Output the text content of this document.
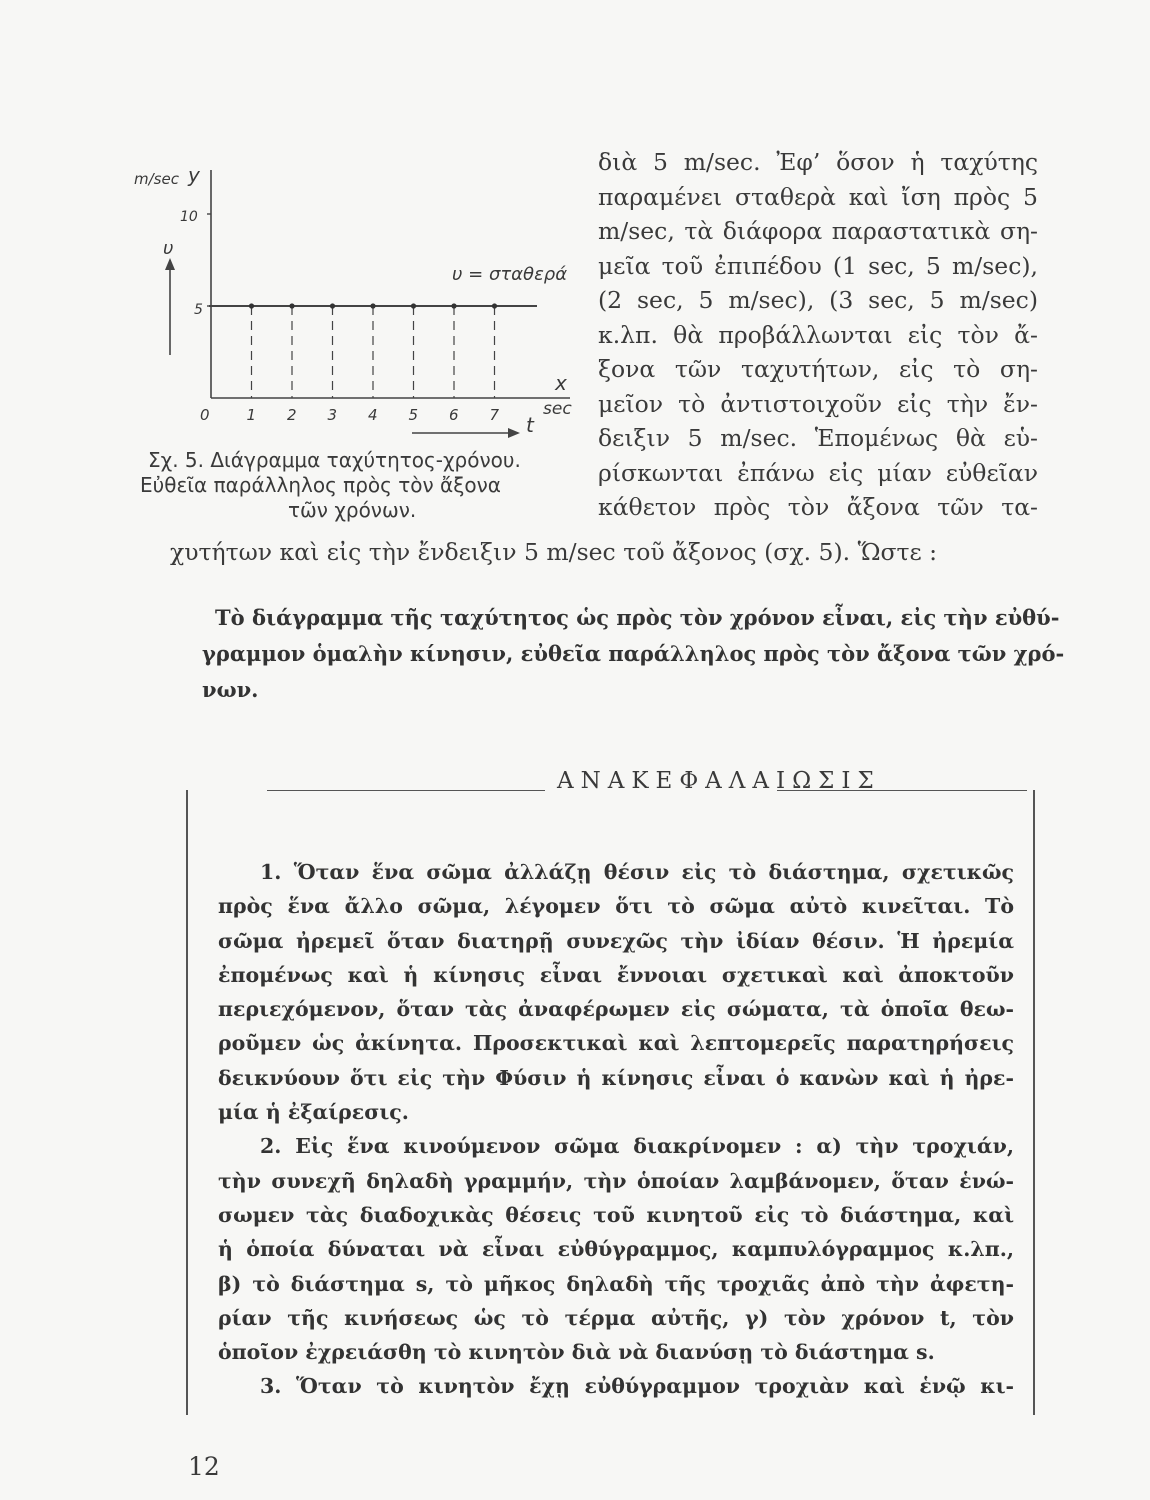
m/sec y
10
5
υ
υ = σταθερά
x
sec
t
0 1 2 3 4 5 6 7
Σχ. 5. Διάγραμμα ταχύτητος-χρόνου.
Εὐθεῖα παράλληλος πρὸς τὸν ἄξονα
τῶν χρόνων.
διὰ 5 m/sec. Ἐφ’ ὅσον ἡ ταχύτης
παραμένει σταθερὰ καὶ ἴση πρὸς 5
m/sec, τὰ διάφορα παραστατικὰ ση-
μεῖα τοῦ ἐπιπέδου (1 sec, 5 m/sec),
(2 sec, 5 m/sec), (3 sec, 5 m/sec)
κ.λπ. θὰ προβάλλωνται εἰς τὸν ἄ-
ξονα τῶν ταχυτήτων, εἰς τὸ ση-
μεῖον τὸ ἀντιστοιχοῦν εἰς τὴν ἔν-
δειξιν 5 m/sec. Ἑπομένως θὰ εὑ-
ρίσκωνται ἐπάνω εἰς μίαν εὐθεῖαν
κάθετον πρὸς τὸν ἄξονα τῶν τα-
χυτήτων καὶ εἰς τὴν ἔνδειξιν 5 m/sec τοῦ ἄξονος (σχ. 5). Ὥστε :
Τὸ διάγραμμα τῆς ταχύτητος ὡς πρὸς τὸν χρόνον εἶναι, εἰς τὴν εὐθύ-
γραμμον ὁμαλὴν κίνησιν, εὐθεῖα παράλληλος πρὸς τὸν ἄξονα τῶν χρό-
νων.
ΑΝΑΚΕΦΑΛΑΙΩΣΙΣ
1. Ὅταν ἕνα σῶμα ἀλλάζῃ θέσιν εἰς τὸ διάστημα, σχετικῶς
πρὸς ἕνα ἄλλο σῶμα, λέγομεν ὅτι τὸ σῶμα αὐτὸ κινεῖται. Τὸ
σῶμα ἠρεμεῖ ὅταν διατηρῇ συνεχῶς τὴν ἰδίαν θέσιν. Ἡ ἠρεμία
ἐπομένως καὶ ἡ κίνησις εἶναι ἔννοιαι σχετικαὶ καὶ ἀποκτοῦν
περιεχόμενον, ὅταν τὰς ἀναφέρωμεν εἰς σώματα, τὰ ὁποῖα θεω-
ροῦμεν ὡς ἀκίνητα. Προσεκτικαὶ καὶ λεπτομερεῖς παρατηρήσεις
δεικνύουν ὅτι εἰς τὴν Φύσιν ἡ κίνησις εἶναι ὁ κανὼν καὶ ἡ ἠρε-
μία ἡ ἐξαίρεσις.
2. Εἰς ἕνα κινούμενον σῶμα διακρίνομεν : α) τὴν τροχιάν,
τὴν συνεχῆ δηλαδὴ γραμμήν, τὴν ὁποίαν λαμβάνομεν, ὅταν ἑνώ-
σωμεν τὰς διαδοχικὰς θέσεις τοῦ κινητοῦ εἰς τὸ διάστημα, καὶ
ἡ ὁποία δύναται νὰ εἶναι εὐθύγραμμος, καμπυλόγραμμος κ.λπ.,
β) τὸ διάστημα s, τὸ μῆκος δηλαδὴ τῆς τροχιᾶς ἀπὸ τὴν ἀφετη-
ρίαν τῆς κινήσεως ὡς τὸ τέρμα αὐτῆς, γ) τὸν χρόνον t, τὸν
ὁποῖον ἐχρειάσθη τὸ κινητὸν διὰ νὰ διανύσῃ τὸ διάστημα s.
3. Ὅταν τὸ κινητὸν ἔχῃ εὐθύγραμμον τροχιὰν καὶ ἑνῷ κι-
12
